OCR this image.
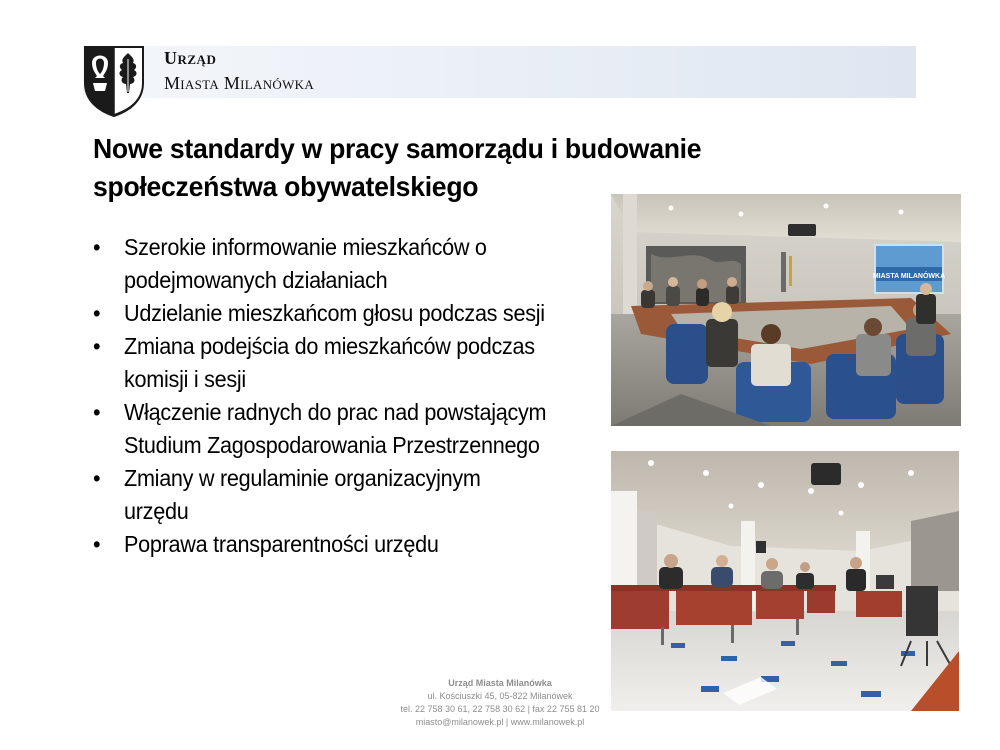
Urząd
Miasta Milanówka
Nowe standardy w pracy samorządu i budowanie
społeczeństwa obywatelskiego
• Szerokie informowanie mieszkańców o
podejmowanych działaniach
• Udzielanie mieszkańcom głosu podczas sesji
• Zmiana podejścia do mieszkańców podczas
komisji i sesji
• Włączenie radnych do prac nad powstającym
Studium Zagospodarowania Przestrzennego
• Zmiany w regulaminie organizacyjnym
urzędu
• Poprawa transparentności urzędu
MIASTA MILANÓWKA
Urząd Miasta Milanówka
ul. Kościuszki 45, 05-822 Milanówek
tel. 22 758 30 61, 22 758 30 62 | fax 22 755 81 20
miasto@milanowek.pl | www.milanowek.pl
